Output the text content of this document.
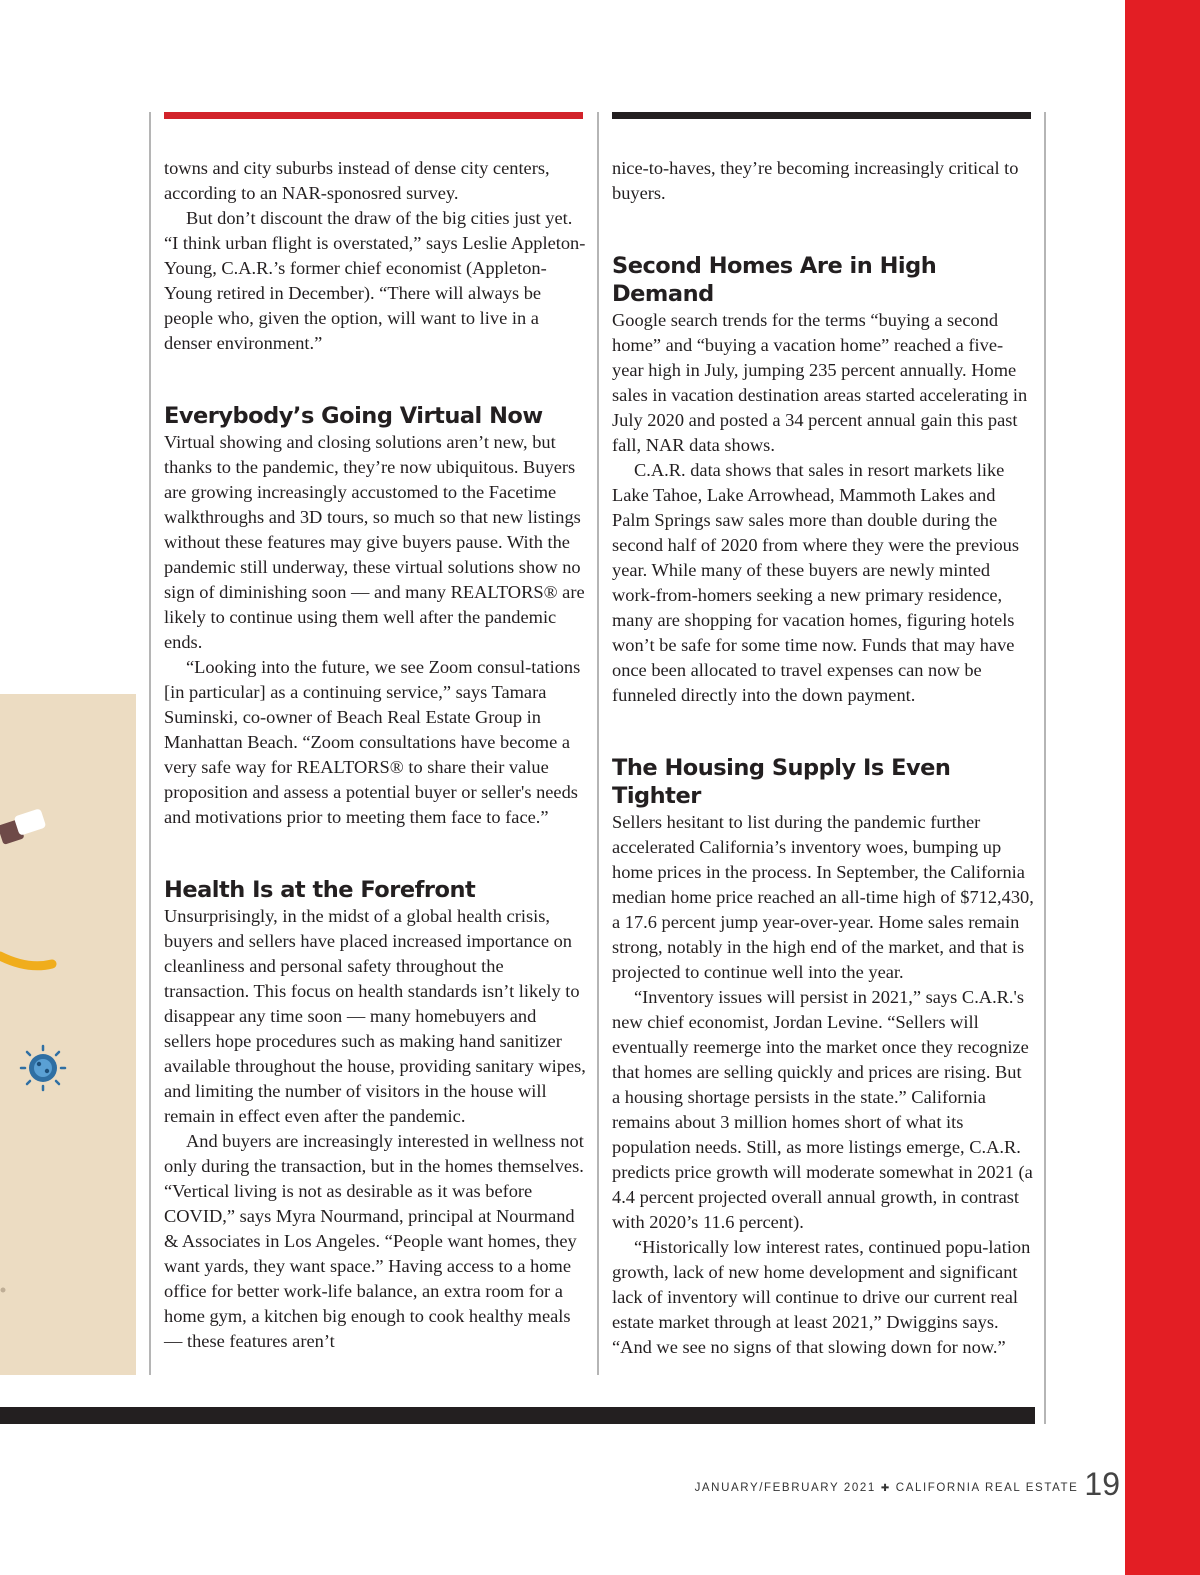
towns and city suburbs instead of dense city centers, according to an NAR-sponosred survey.

But don’t discount the draw of the big cities just yet. “I think urban flight is overstated,” says Leslie Appleton-Young, C.A.R.’s former chief economist (Appleton-Young retired in December). “There will always be people who, given the option, will want to live in a denser environment.”

Everybody’s Going Virtual Now

Virtual showing and closing solutions aren’t new, but thanks to the pandemic, they’re now ubiquitous. Buyers are growing increasingly accustomed to the Facetime walkthroughs and 3D tours, so much so that new listings without these features may give buyers pause. With the pandemic still underway, these virtual solutions show no sign of diminishing soon — and many REALTORS® are likely to continue using them well after the pandemic ends.

“Looking into the future, we see Zoom consul-tations [in particular] as a continuing service,” says Tamara Suminski, co-owner of Beach Real Estate Group in Manhattan Beach. “Zoom consultations have become a very safe way for REALTORS® to share their value proposition and assess a potential buyer or seller's needs and motivations prior to meeting them face to face.”

Health Is at the Forefront

Unsurprisingly, in the midst of a global health crisis, buyers and sellers have placed increased importance on cleanliness and personal safety throughout the transaction. This focus on health standards isn’t likely to disappear any time soon — many homebuyers and sellers hope procedures such as making hand sanitizer available throughout the house, providing sanitary wipes, and limiting the number of visitors in the house will remain in effect even after the pandemic.

And buyers are increasingly interested in wellness not only during the transaction, but in the homes themselves. “Vertical living is not as desirable as it was before COVID,” says Myra Nourmand, principal at Nourmand & Associates in Los Angeles. “People want homes, they want yards, they want space.” Having access to a home office for better work-life balance, an extra room for a home gym, a kitchen big enough to cook healthy meals — these features aren’t

nice-to-haves, they’re becoming increasingly critical to buyers.

Second Homes Are in High Demand

Google search trends for the terms “buying a second home” and “buying a vacation home” reached a five-year high in July, jumping 235 percent annually. Home sales in vacation destination areas started accelerating in July 2020 and posted a 34 percent annual gain this past fall, NAR data shows.

C.A.R. data shows that sales in resort markets like Lake Tahoe, Lake Arrowhead, Mammoth Lakes and Palm Springs saw sales more than double during the second half of 2020 from where they were the previous year. While many of these buyers are newly minted work-from-homers seeking a new primary residence, many are shopping for vacation homes, figuring hotels won’t be safe for some time now. Funds that may have once been allocated to travel expenses can now be funneled directly into the down payment.

The Housing Supply Is Even Tighter

Sellers hesitant to list during the pandemic further accelerated California’s inventory woes, bumping up home prices in the process. In September, the California median home price reached an all-time high of $712,430, a 17.6 percent jump year-over-year. Home sales remain strong, notably in the high end of the market, and that is projected to continue well into the year.

“Inventory issues will persist in 2021,” says C.A.R.'s new chief economist, Jordan Levine. “Sellers will eventually reemerge into the market once they recognize that homes are selling quickly and prices are rising. But a housing shortage persists in the state.” California remains about 3 million homes short of what its population needs. Still, as more listings emerge, C.A.R. predicts price growth will moderate somewhat in 2021 (a 4.4 percent projected overall annual growth, in contrast with 2020’s 11.6 percent).

“Historically low interest rates, continued popu-lation growth, lack of new home development and significant lack of inventory will continue to drive our current real estate market through at least 2021,” Dwiggins says. “And we see no signs of that slowing down for now.”

JANUARY/FEBRUARY 2021 ✚ CALIFORNIA REAL ESTATE 19
